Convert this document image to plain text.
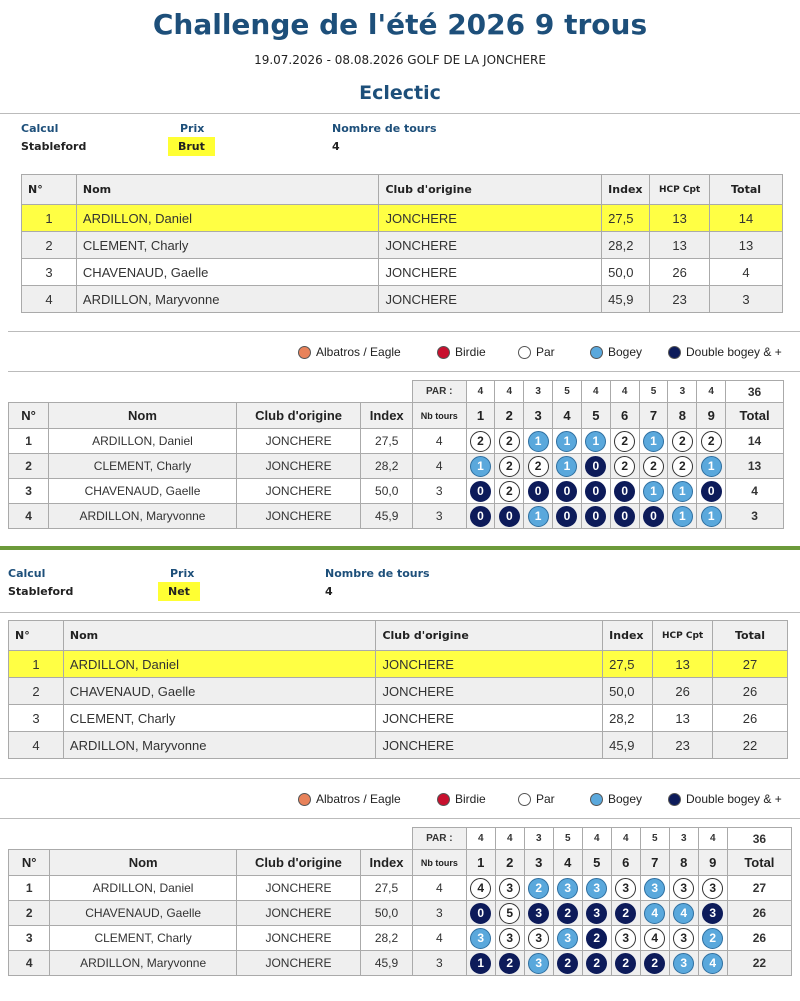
Challenge de l'été 2026 9 trous
19.07.2026 - 08.08.2026 GOLF DE LA JONCHERE
Eclectic
Calcul
Stableford
Prix
Brut
Nombre de tours
4
N°	Nom	Club d'origine	Index	HCP Cpt	Total
1	ARDILLON, Daniel	JONCHERE	27,5	13	14
2	CLEMENT, Charly	JONCHERE	28,2	13	13
3	CHAVENAUD, Gaelle	JONCHERE	50,0	26	4
4	ARDILLON, Maryvonne	JONCHERE	45,9	23	3
Albatros / Eagle	Birdie	Par	Bogey	Double bogey & +
				PAR :	4	4	3	5	4	4	5	3	4	36
N°	Nom	Club d'origine	Index	Nb tours	1	2	3	4	5	6	7	8	9	Total
1	ARDILLON, Daniel	JONCHERE	27,5	4	2	2	1	1	1	2	1	2	2	14
2	CLEMENT, Charly	JONCHERE	28,2	4	1	2	2	1	0	2	2	2	1	13
3	CHAVENAUD, Gaelle	JONCHERE	50,0	3	0	2	0	0	0	0	1	1	0	4
4	ARDILLON, Maryvonne	JONCHERE	45,9	3	0	0	1	0	0	0	0	1	1	3
Calcul
Stableford
Prix
Net
Nombre de tours
4
N°	Nom	Club d'origine	Index	HCP Cpt	Total
1	ARDILLON, Daniel	JONCHERE	27,5	13	27
2	CHAVENAUD, Gaelle	JONCHERE	50,0	26	26
3	CLEMENT, Charly	JONCHERE	28,2	13	26
4	ARDILLON, Maryvonne	JONCHERE	45,9	23	22
Albatros / Eagle	Birdie	Par	Bogey	Double bogey & +
				PAR :	4	4	3	5	4	4	5	3	4	36
N°	Nom	Club d'origine	Index	Nb tours	1	2	3	4	5	6	7	8	9	Total
1	ARDILLON, Daniel	JONCHERE	27,5	4	4	3	2	3	3	3	3	3	3	27
2	CHAVENAUD, Gaelle	JONCHERE	50,0	3	0	5	3	2	3	2	4	4	3	26
3	CLEMENT, Charly	JONCHERE	28,2	4	3	3	3	3	2	3	4	3	2	26
4	ARDILLON, Maryvonne	JONCHERE	45,9	3	1	2	3	2	2	2	2	3	4	22
